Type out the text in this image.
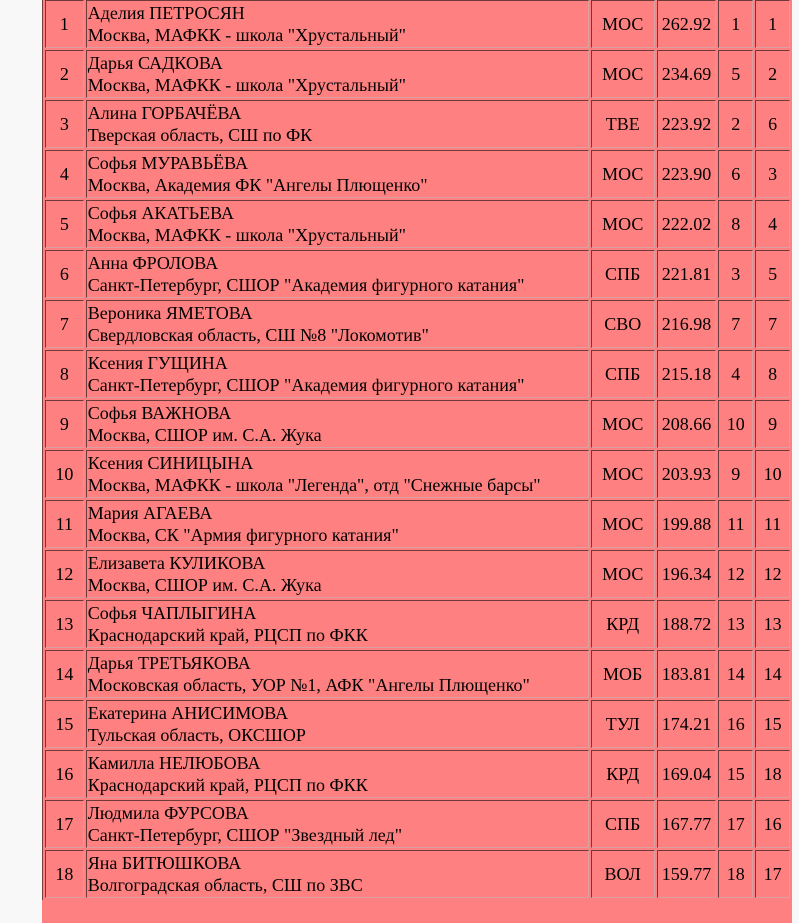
1	Аделия ПЕТРОСЯН
Москва, МАФКК - школа "Хрустальный"	МОС	262.92	1	1
2	Дарья САДКОВА
Москва, МАФКК - школа "Хрустальный"	МОС	234.69	5	2
3	Алина ГОРБАЧЁВА
Тверская область, СШ по ФК	ТВЕ	223.92	2	6
4	Софья МУРАВЬЁВА
Москва, Академия ФК "Ангелы Плющенко"	МОС	223.90	6	3
5	Софья АКАТЬЕВА
Москва, МАФКК - школа "Хрустальный"	МОС	222.02	8	4
6	Анна ФРОЛОВА
Санкт-Петербург, СШОР "Академия фигурного катания"	СПБ	221.81	3	5
7	Вероника ЯМЕТОВА
Свердловская область, СШ №8 "Локомотив"	СВО	216.98	7	7
8	Ксения ГУЩИНА
Санкт-Петербург, СШОР "Академия фигурного катания"	СПБ	215.18	4	8
9	Софья ВАЖНОВА
Москва, СШОР им. С.А. Жука	МОС	208.66	10	9
10	Ксения СИНИЦЫНА
Москва, МАФКК - школа "Легенда", отд "Снежные барсы"	МОС	203.93	9	10
11	Мария АГАЕВА
Москва, СК "Армия фигурного катания"	МОС	199.88	11	11
12	Елизавета КУЛИКОВА
Москва, СШОР им. С.А. Жука	МОС	196.34	12	12
13	Софья ЧАПЛЫГИНА
Краснодарский край, РЦСП по ФКК	КРД	188.72	13	13
14	Дарья ТРЕТЬЯКОВА
Московская область, УОР №1, АФК "Ангелы Плющенко"	МОБ	183.81	14	14
15	Екатерина АНИСИМОВА
Тульская область, ОКСШОР	ТУЛ	174.21	16	15
16	Камилла НЕЛЮБОВА
Краснодарский край, РЦСП по ФКК	КРД	169.04	15	18
17	Людмила ФУРСОВА
Санкт-Петербург, СШОР "Звездный лед"	СПБ	167.77	17	16
18	Яна БИТЮШКОВА
Волгоградская область, СШ по ЗВС	ВОЛ	159.77	18	17
